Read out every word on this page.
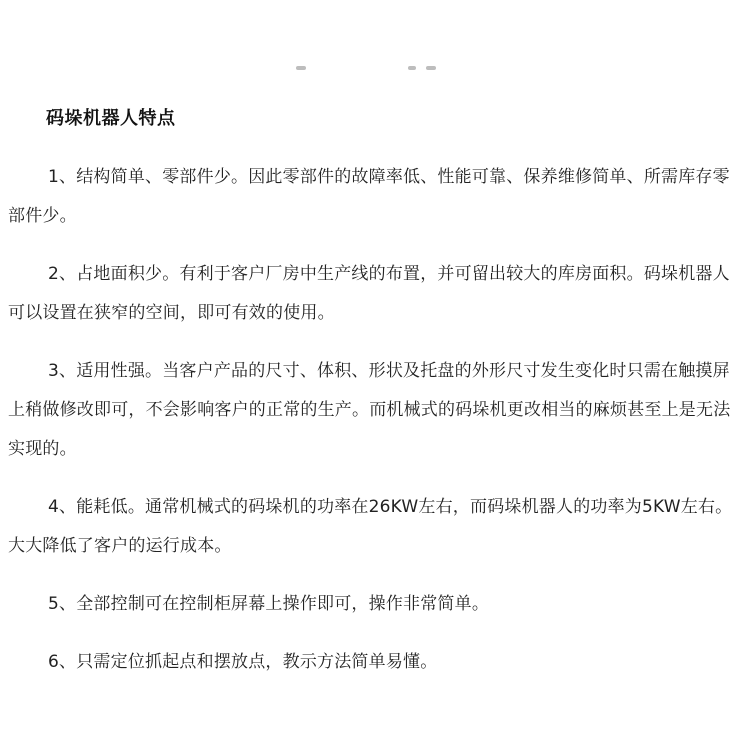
码垛机器人特点

1、结构简单、零部件少。因此零部件的故障率低、性能可靠、保养维修简单、所需库存零部件少。

2、占地面积少。有利于客户厂房中生产线的布置，并可留出较大的库房面积。码垛机器人可以设置在狭窄的空间，即可有效的使用。

3、适用性强。当客户产品的尺寸、体积、形状及托盘的外形尺寸发生变化时只需在触摸屏上稍做修改即可，不会影响客户的正常的生产。而机械式的码垛机更改相当的麻烦甚至上是无法实现的。

4、能耗低。通常机械式的码垛机的功率在26KW左右，而码垛机器人的功率为5KW左右。大大降低了客户的运行成本。

5、全部控制可在控制柜屏幕上操作即可，操作非常简单。

6、只需定位抓起点和摆放点，教示方法简单易懂。
